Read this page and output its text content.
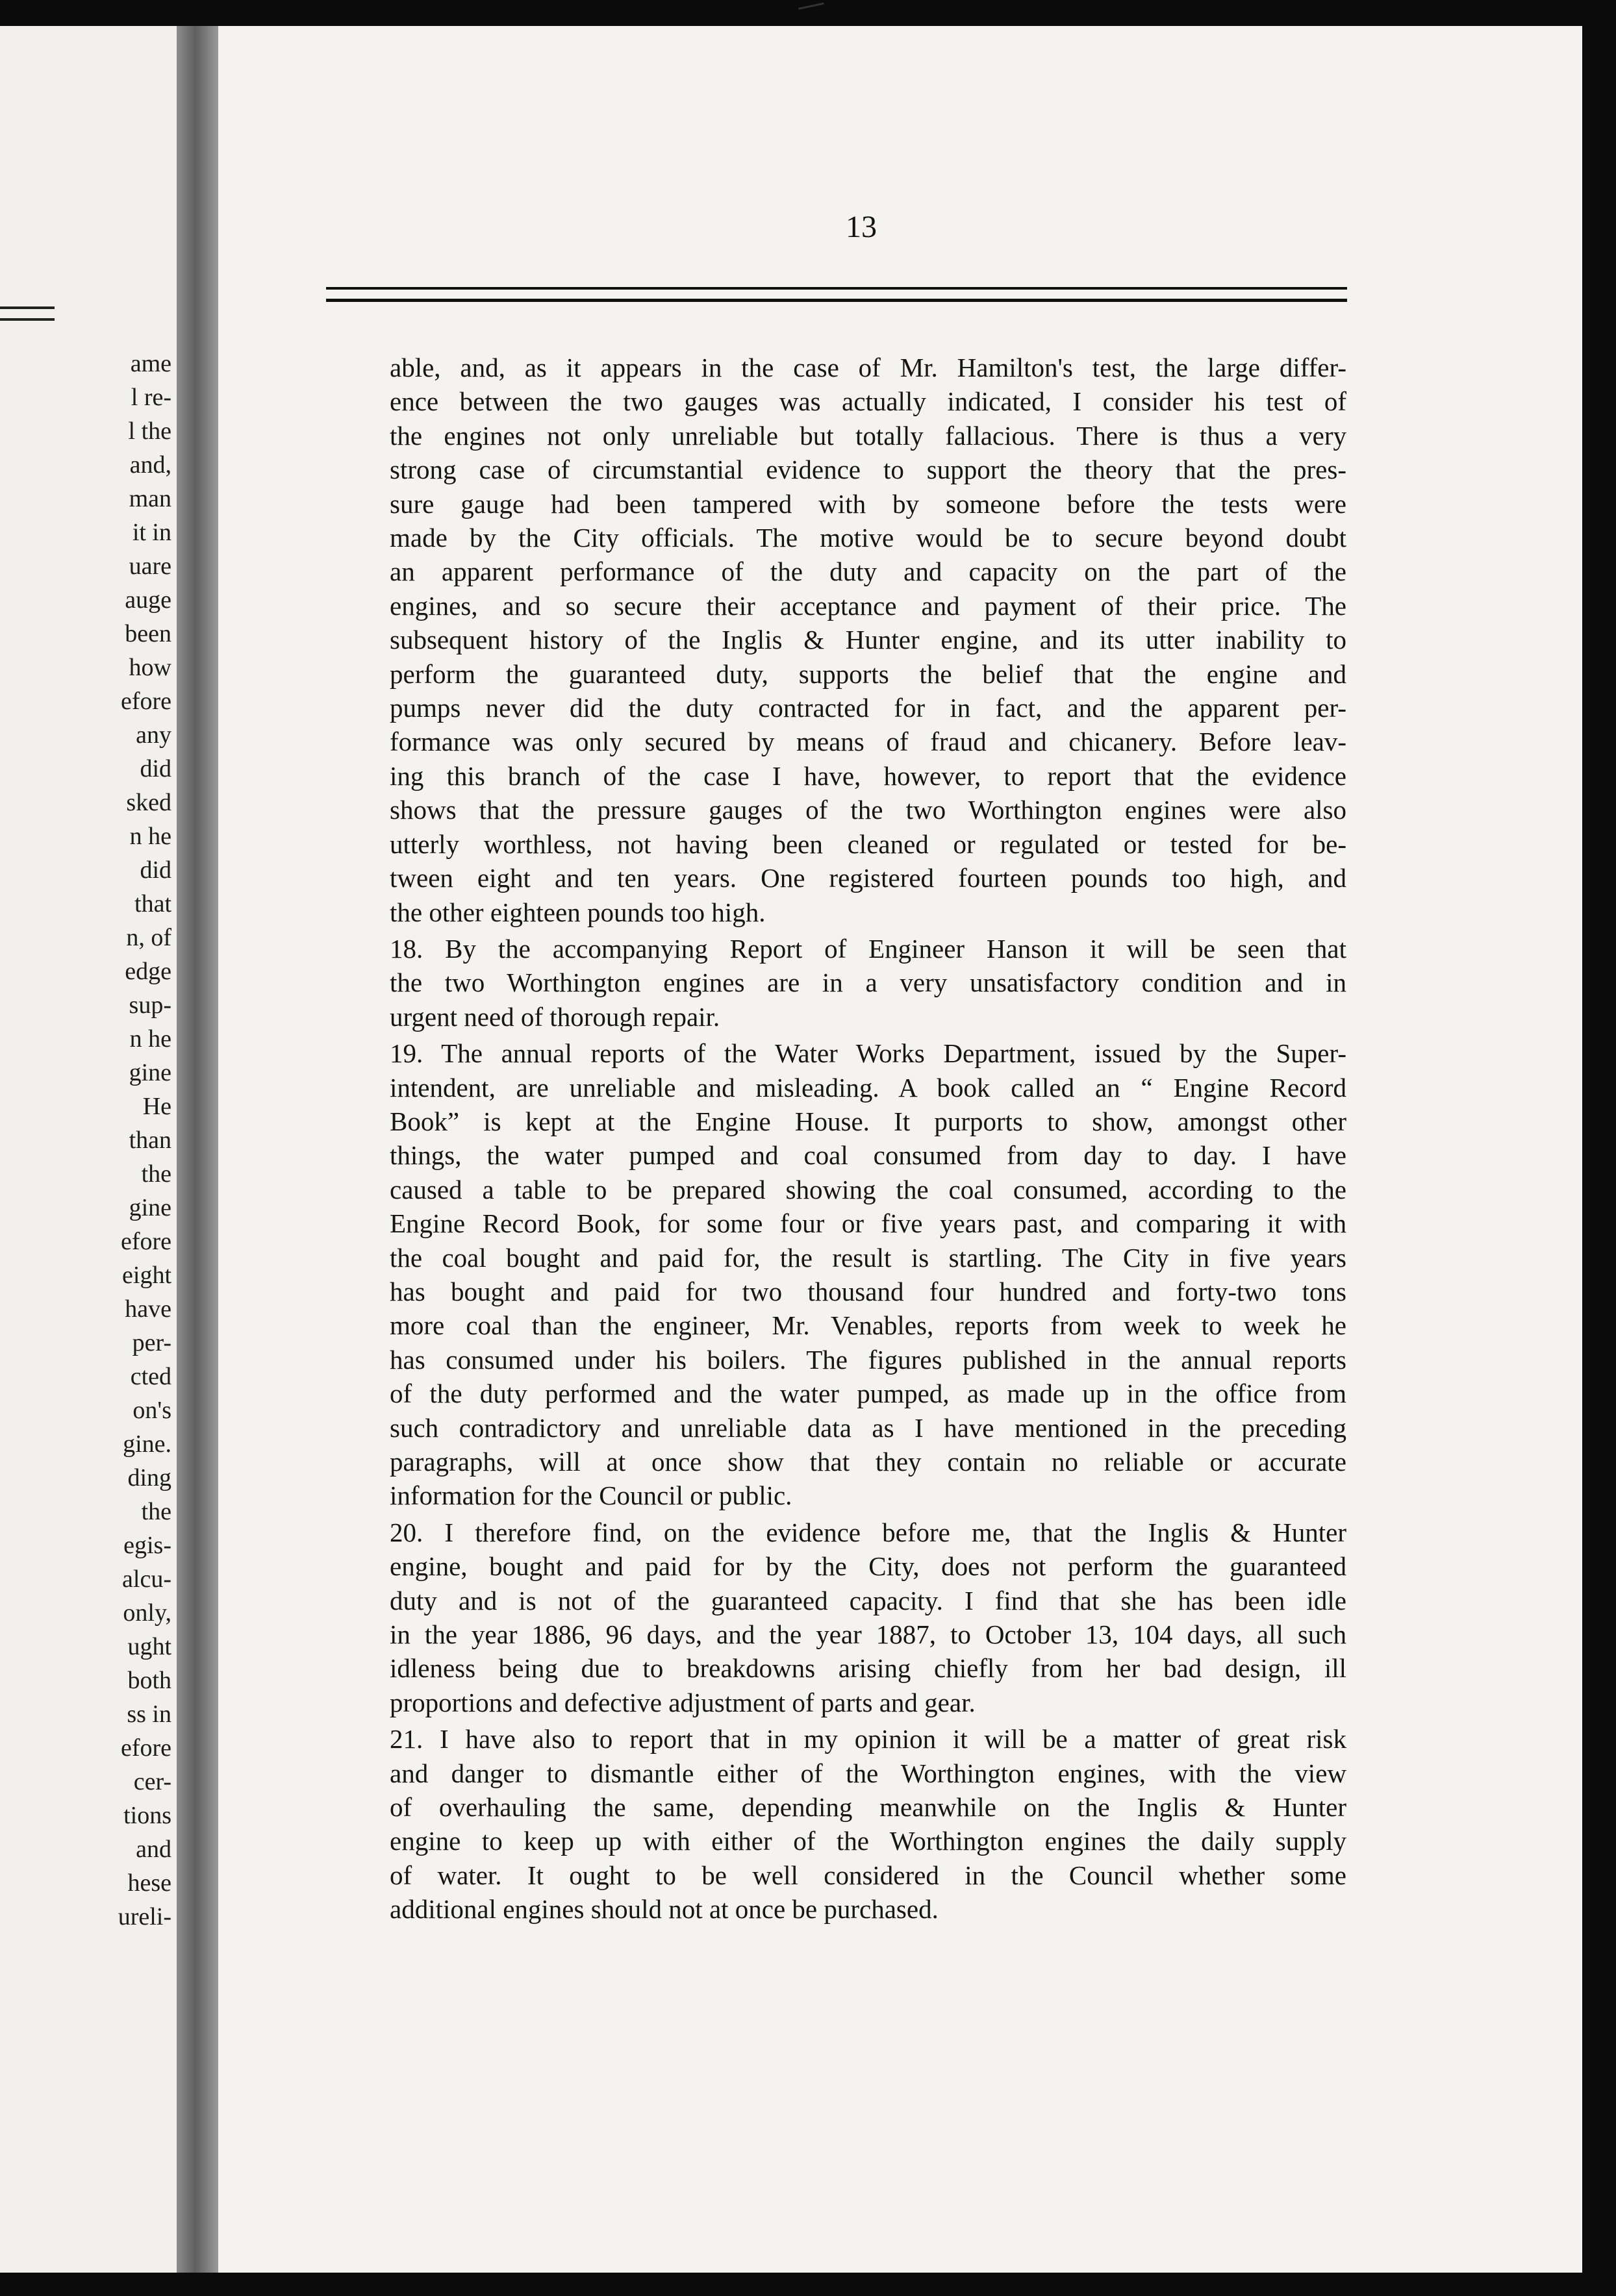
ame

l re-

l the

and,

man

it in

uare

auge

been

how

efore

any

did

sked

n he

did

that

n, of

edge

sup-

n he

gine

He

than

the

gine

efore

eight

have

per-

cted

on's

gine.

ding

the

egis-

alcu-

only,

ught

both

ss in

efore

cer-

tions

and

hese

ureli-

13

able, and, as it appears in the case of Mr. Hamilton's test, the large differ-

ence between the two gauges was actually indicated, I consider his test of

the engines not only unreliable but totally fallacious. There is thus a very

strong case of circumstantial evidence to support the theory that the pres-

sure gauge had been tampered with by someone before the tests were

made by the City officials. The motive would be to secure beyond doubt

an apparent performance of the duty and capacity on the part of the

engines, and so secure their acceptance and payment of their price. The

subsequent history of the Inglis & Hunter engine, and its utter inability to

perform the guaranteed duty, supports the belief that the engine and

pumps never did the duty contracted for in fact, and the apparent per-

formance was only secured by means of fraud and chicanery. Before leav-

ing this branch of the case I have, however, to report that the evidence

shows that the pressure gauges of the two Worthington engines were also

utterly worthless, not having been cleaned or regulated or tested for be-

tween eight and ten years. One registered fourteen pounds too high, and

the other eighteen pounds too high.

18. By the accompanying Report of Engineer Hanson it will be seen that

the two Worthington engines are in a very unsatisfactory condition and in

urgent need of thorough repair.

19. The annual reports of the Water Works Department, issued by the Super-

intendent, are unreliable and misleading. A book called an “ Engine Record

Book” is kept at the Engine House. It purports to show, amongst other

things, the water pumped and coal consumed from day to day. I have

caused a table to be prepared showing the coal consumed, according to the

Engine Record Book, for some four or five years past, and comparing it with

the coal bought and paid for, the result is startling. The City in five years

has bought and paid for two thousand four hundred and forty-two tons

more coal than the engineer, Mr. Venables, reports from week to week he

has consumed under his boilers. The figures published in the annual reports

of the duty performed and the water pumped, as made up in the office from

such contradictory and unreliable data as I have mentioned in the preceding

paragraphs, will at once show that they contain no reliable or accurate

information for the Council or public.

20. I therefore find, on the evidence before me, that the Inglis & Hunter

engine, bought and paid for by the City, does not perform the guaranteed

duty and is not of the guaranteed capacity. I find that she has been idle

in the year 1886, 96 days, and the year 1887, to October 13, 104 days, all such

idleness being due to breakdowns arising chiefly from her bad design, ill

proportions and defective adjustment of parts and gear.

21. I have also to report that in my opinion it will be a matter of great risk

and danger to dismantle either of the Worthington engines, with the view

of overhauling the same, depending meanwhile on the Inglis & Hunter

engine to keep up with either of the Worthington engines the daily supply

of water. It ought to be well considered in the Council whether some

additional engines should not at once be purchased.
